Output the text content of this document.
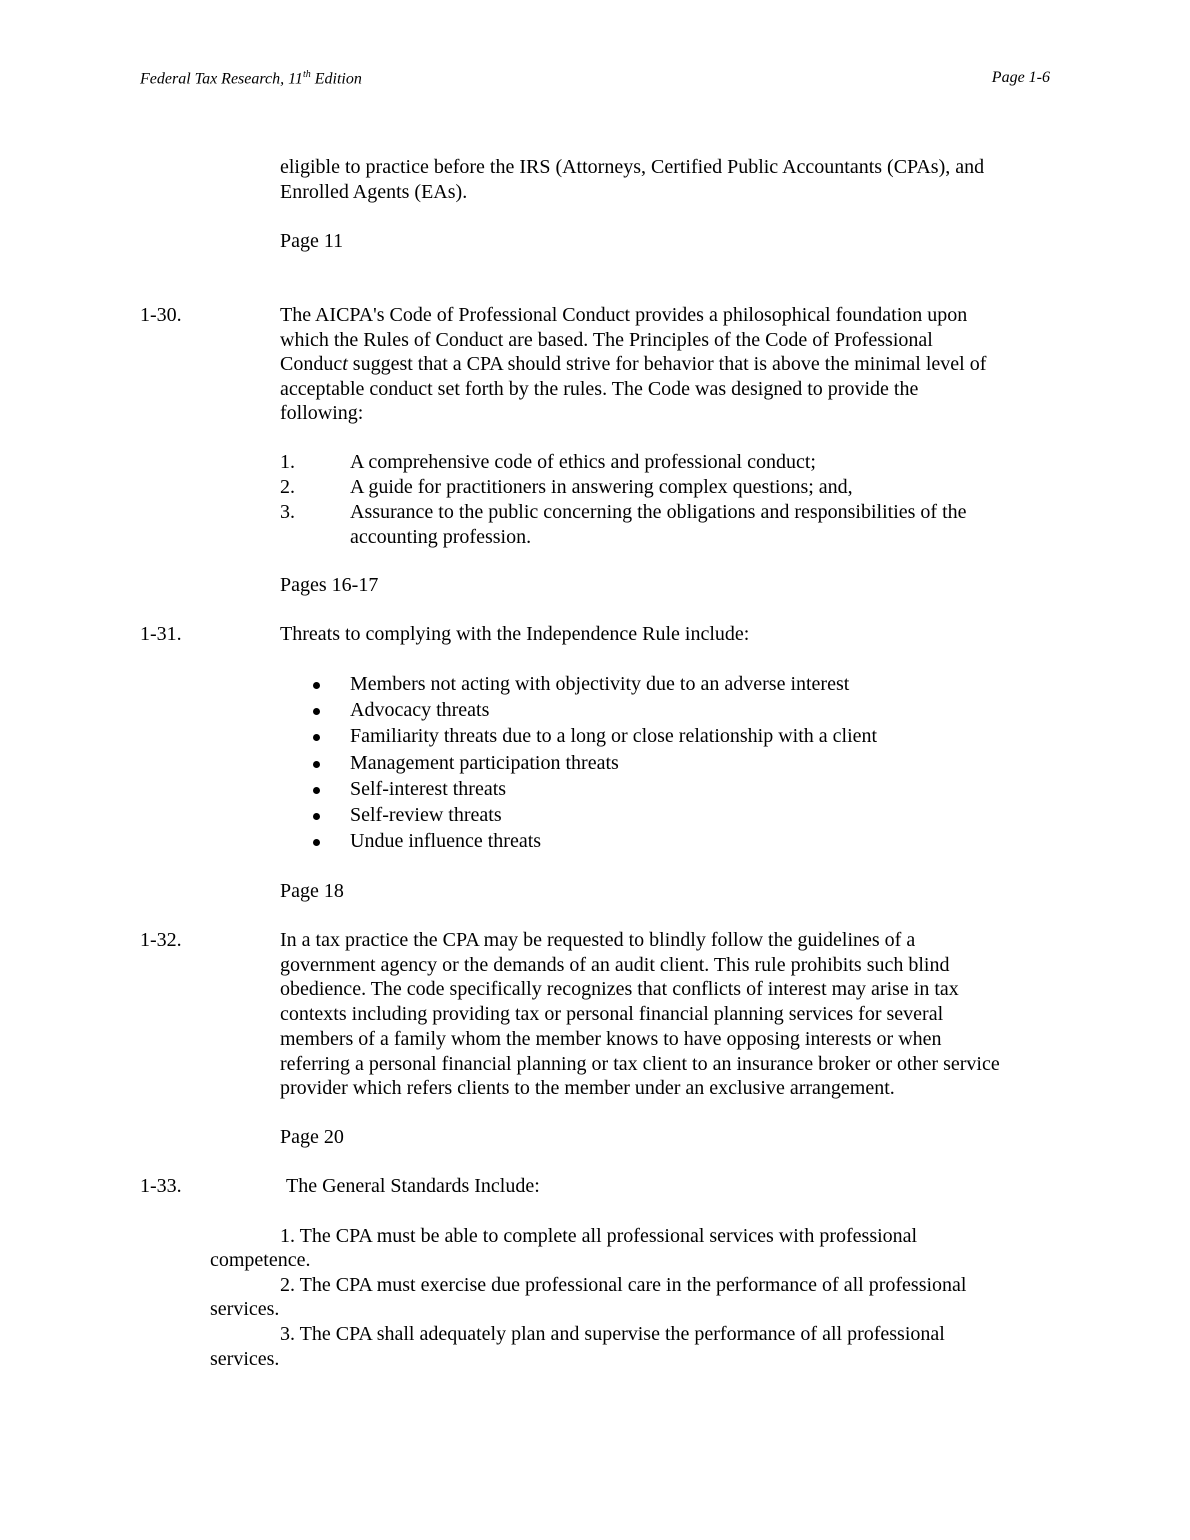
Federal Tax Research, 11th Edition	Page 1-6
eligible to practice before the IRS (Attorneys, Certified Public Accountants (CPAs), and
Enrolled Agents (EAs).
Page 11
1-30.	The AICPA's Code of Professional Conduct provides a philosophical foundation upon
which the Rules of Conduct are based. The Principles of the Code of Professional
Conduct suggest that a CPA should strive for behavior that is above the minimal level of
acceptable conduct set forth by the rules. The Code was designed to provide the
following:
1.	A comprehensive code of ethics and professional conduct;
2.	A guide for practitioners in answering complex questions; and,
3.	Assurance to the public concerning the obligations and responsibilities of the
accounting profession.
Pages 16-17
1-31.	Threats to complying with the Independence Rule include:
Members not acting with objectivity due to an adverse interest
Advocacy threats
Familiarity threats due to a long or close relationship with a client
Management participation threats
Self-interest threats
Self-review threats
Undue influence threats
Page 18
1-32.	In a tax practice the CPA may be requested to blindly follow the guidelines of a
government agency or the demands of an audit client. This rule prohibits such blind
obedience. The code specifically recognizes that conflicts of interest may arise in tax
contexts including providing tax or personal financial planning services for several
members of a family whom the member knows to have opposing interests or when
referring a personal financial planning or tax client to an insurance broker or other service
provider which refers clients to the member under an exclusive arrangement.
Page 20
1-33.	The General Standards Include:
1. The CPA must be able to complete all professional services with professional
competence.
2. The CPA must exercise due professional care in the performance of all professional
services.
3. The CPA shall adequately plan and supervise the performance of all professional
services.
